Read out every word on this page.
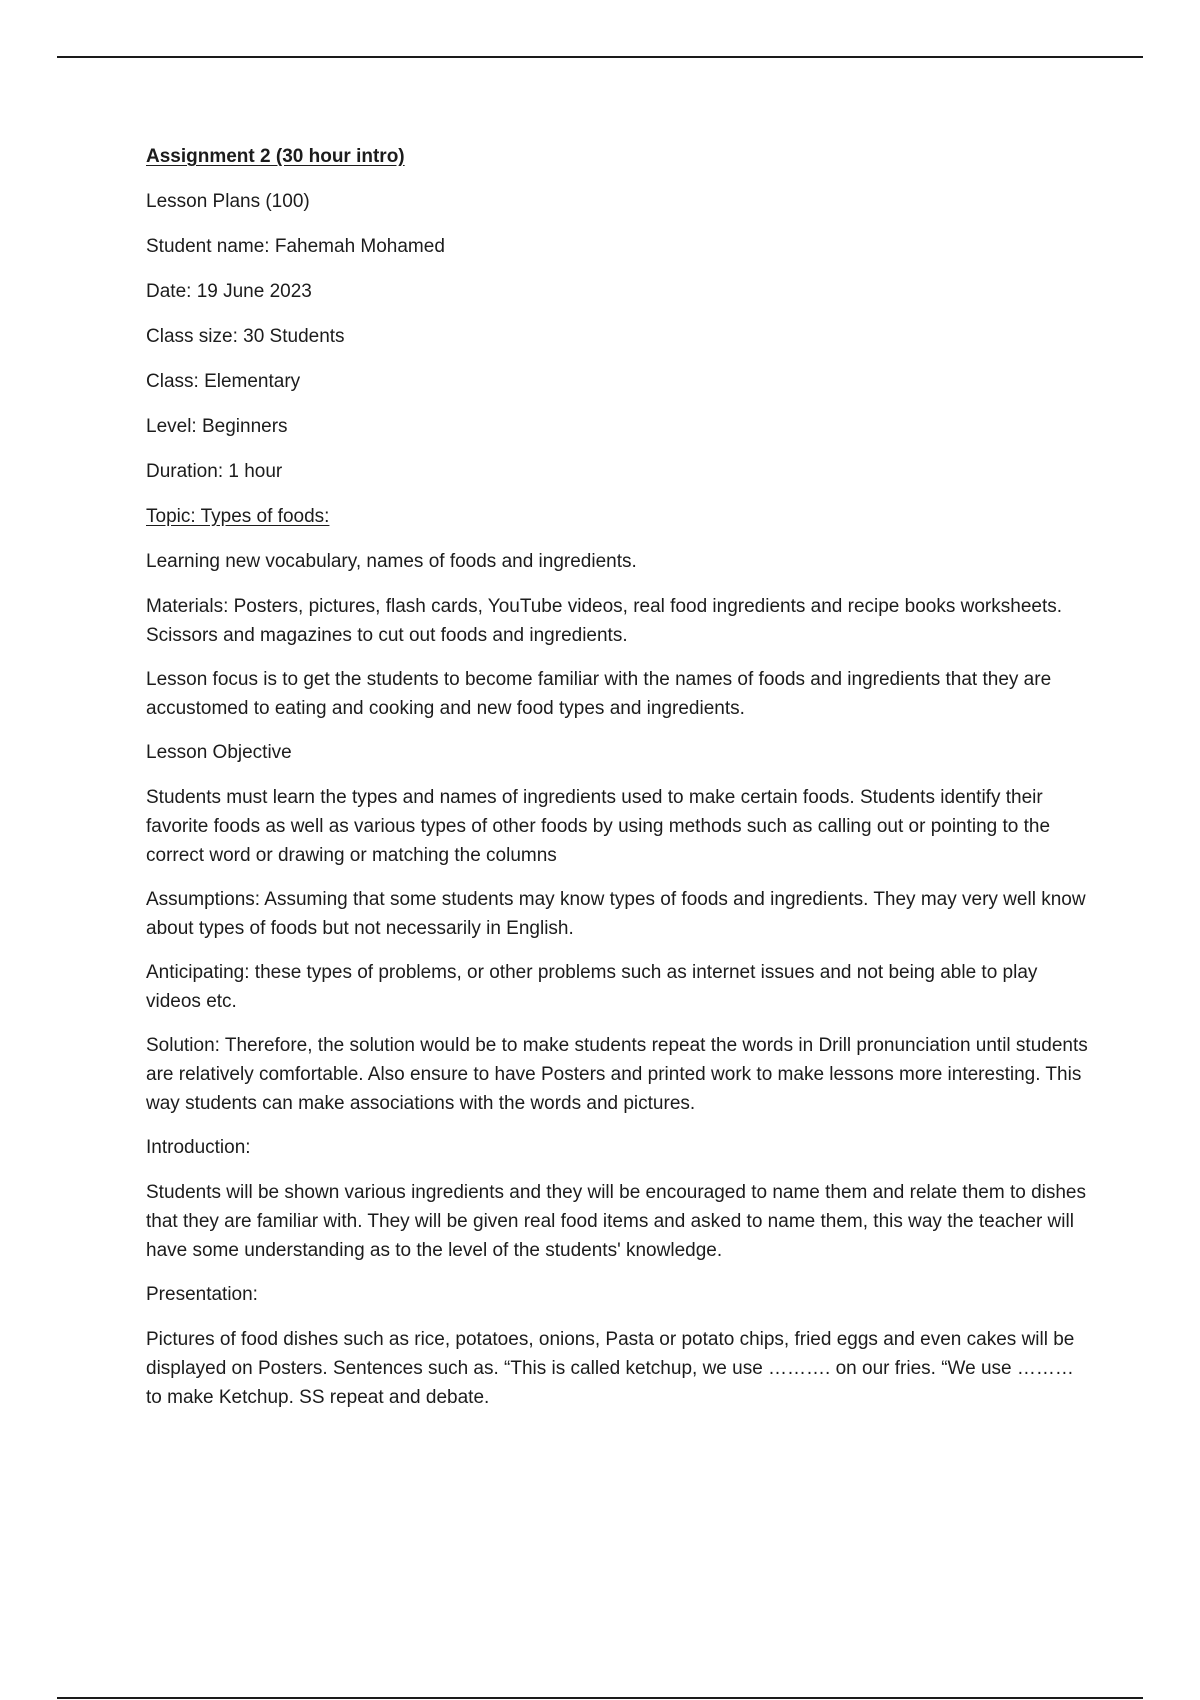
Assignment 2 (30 hour intro)

Lesson Plans (100)

Student name: Fahemah Mohamed

Date: 19 June 2023

Class size: 30 Students

Class: Elementary

Level: Beginners

Duration: 1 hour

Topic: Types of foods:

Learning new vocabulary, names of foods and ingredients.

Materials: Posters, pictures, flash cards, YouTube videos, real food ingredients and recipe books worksheets. Scissors and magazines to cut out foods and ingredients.

Lesson focus is to get the students to become familiar with the names of foods and ingredients that they are accustomed to eating and cooking and new food types and ingredients.

Lesson Objective

Students must learn the types and names of ingredients used to make certain foods. Students identify their favorite foods as well as various types of other foods by using methods such as calling out or pointing to the correct word or drawing or matching the columns

Assumptions: Assuming that some students may know types of foods and ingredients. They may very well know about types of foods but not necessarily in English.

Anticipating: these types of problems, or other problems such as internet issues and not being able to play videos etc.

Solution: Therefore, the solution would be to make students repeat the words in Drill pronunciation until students are relatively comfortable. Also ensure to have Posters and printed work to make lessons more interesting. This way students can make associations with the words and pictures.

Introduction:

Students will be shown various ingredients and they will be encouraged to name them and relate them to dishes that they are familiar with. They will be given real food items and asked to name them, this way the teacher will have some understanding as to the level of the students' knowledge.

Presentation:

Pictures of food dishes such as rice, potatoes, onions, Pasta or potato chips, fried eggs and even cakes will be displayed on Posters. Sentences such as. “This is called ketchup, we use ………. on our fries. “We use ……… to make Ketchup. SS repeat and debate.
